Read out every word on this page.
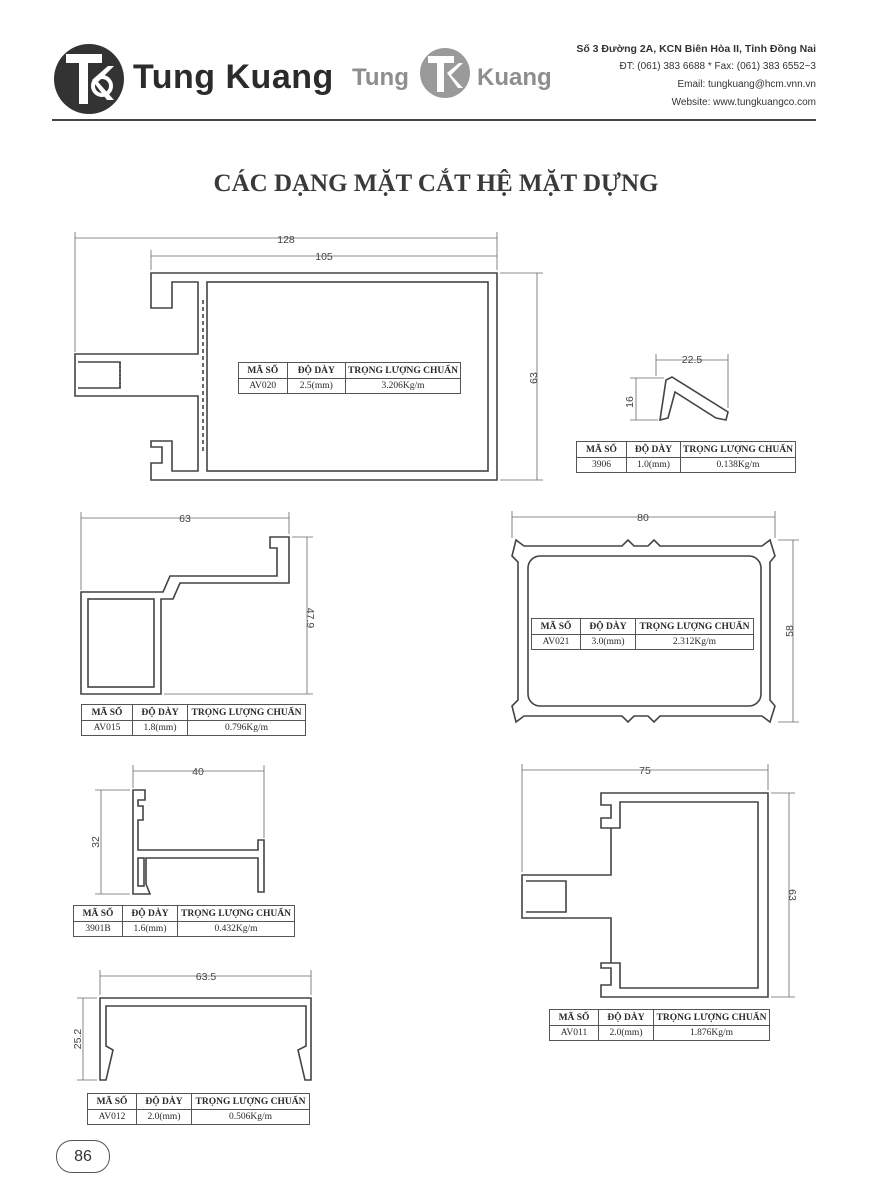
Tung Kuang Tung	Kuang
Số 3 Đường 2A, KCN Biên Hòa II, Tỉnh Đồng Nai
ĐT: (061) 383 6688 * Fax: (061) 383 6552~3
Email: tungkuang@hcm.vnn.vn
Website: www.tungkuangco.com
CÁC DẠNG MẶT CẮT HỆ MẶT DỰNG
128
105
63
22.5
16
63
47.9
80
58
40
32
75
63
63.5
25.2
MÃ SỐ	ĐỘ DÀY	TRỌNG LƯỢNG CHUẨN
AV020	2.5(mm)	3.206Kg/m
MÃ SỐ	ĐỘ DÀY	TRỌNG LƯỢNG CHUẨN
3906	1.0(mm)	0.138Kg/m
MÃ SỐ	ĐỘ DÀY	TRỌNG LƯỢNG CHUẨN
AV015	1.8(mm)	0.796Kg/m
MÃ SỐ	ĐỘ DÀY	TRỌNG LƯỢNG CHUẨN
AV021	3.0(mm)	2.312Kg/m
MÃ SỐ	ĐỘ DÀY	TRỌNG LƯỢNG CHUẨN
3901B	1.6(mm)	0.432Kg/m
MÃ SỐ	ĐỘ DÀY	TRỌNG LƯỢNG CHUẨN
AV011	2.0(mm)	1.876Kg/m
MÃ SỐ	ĐỘ DÀY	TRỌNG LƯỢNG CHUẨN
AV012	2.0(mm)	0.506Kg/m
86
